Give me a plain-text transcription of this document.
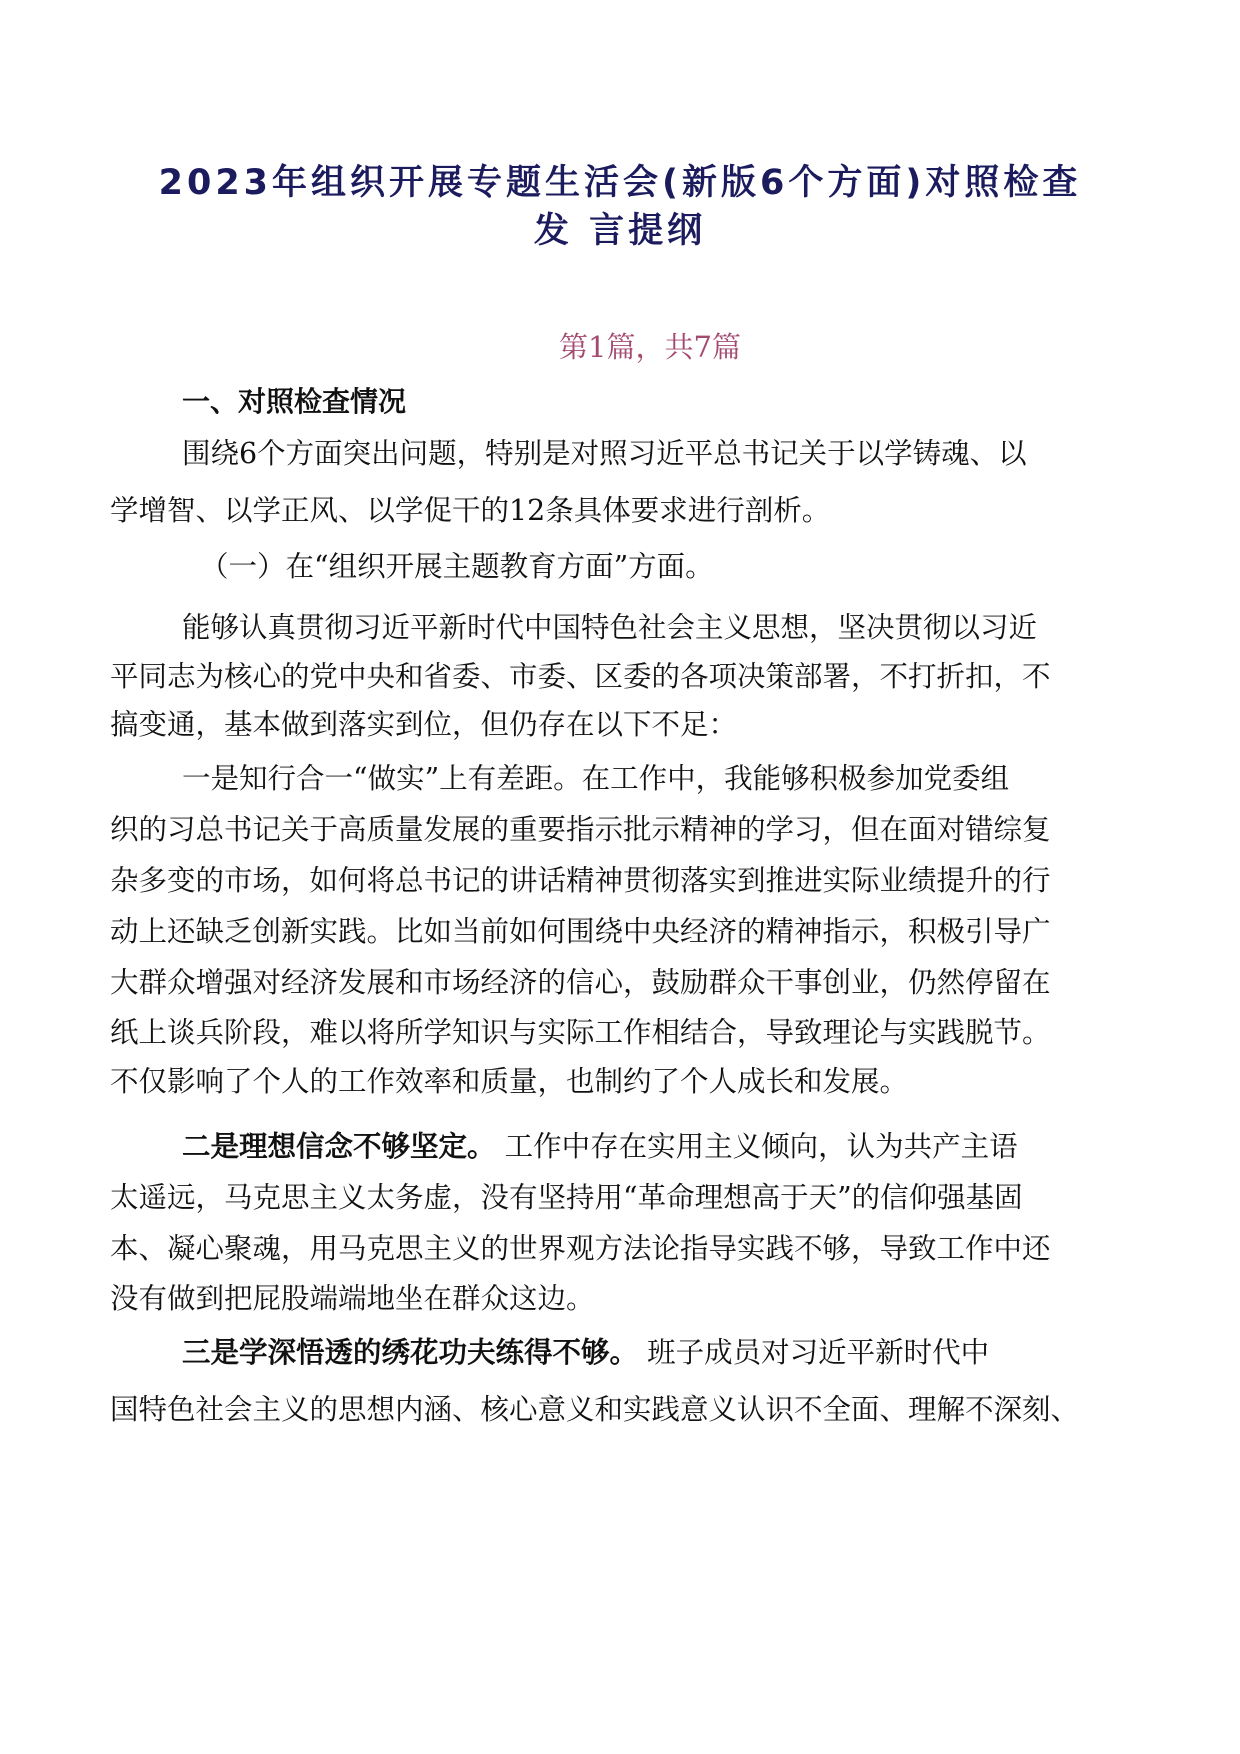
2023年组织开展专题生活会(新版6个方面)对照检查
发 言提纲
第1篇，共7篇
一、对照检查情况
围绕6个方面突出问题，特别是对照习近平总书记关于以学铸魂、以
学增智、以学正风、以学促干的12条具体要求进行剖析。
（一）在“组织开展主题教育方面”方面。
能够认真贯彻习近平新时代中国特色社会主义思想，坚决贯彻以习近
平同志为核心的党中央和省委、市委、区委的各项决策部署，不打折扣，不
搞变通，基本做到落实到位，但仍存在以下不足：
一是知行合一“做实”上有差距。在工作中，我能够积极参加党委组
织的习总书记关于高质量发展的重要指示批示精神的学习，但在面对错综复
杂多变的市场，如何将总书记的讲话精神贯彻落实到推进实际业绩提升的行
动上还缺乏创新实践。比如当前如何围绕中央经济的精神指示，积极引导广
大群众增强对经济发展和市场经济的信心，鼓励群众干事创业，仍然停留在
纸上谈兵阶段，难以将所学知识与实际工作相结合，导致理论与实践脱节。
不仅影响了个人的工作效率和质量，也制约了个人成长和发展。
二是理想信念不够坚定。 工作中存在实用主义倾向，认为共产主语
太遥远，马克思主义太务虚，没有坚持用“革命理想高于天”的信仰强基固
本、凝心聚魂，用马克思主义的世界观方法论指导实践不够，导致工作中还
没有做到把屁股端端地坐在群众这边。
三是学深悟透的绣花功夫练得不够。 班子成员对习近平新时代中
国特色社会主义的思想内涵、核心意义和实践意义认识不全面、理解不深刻、
